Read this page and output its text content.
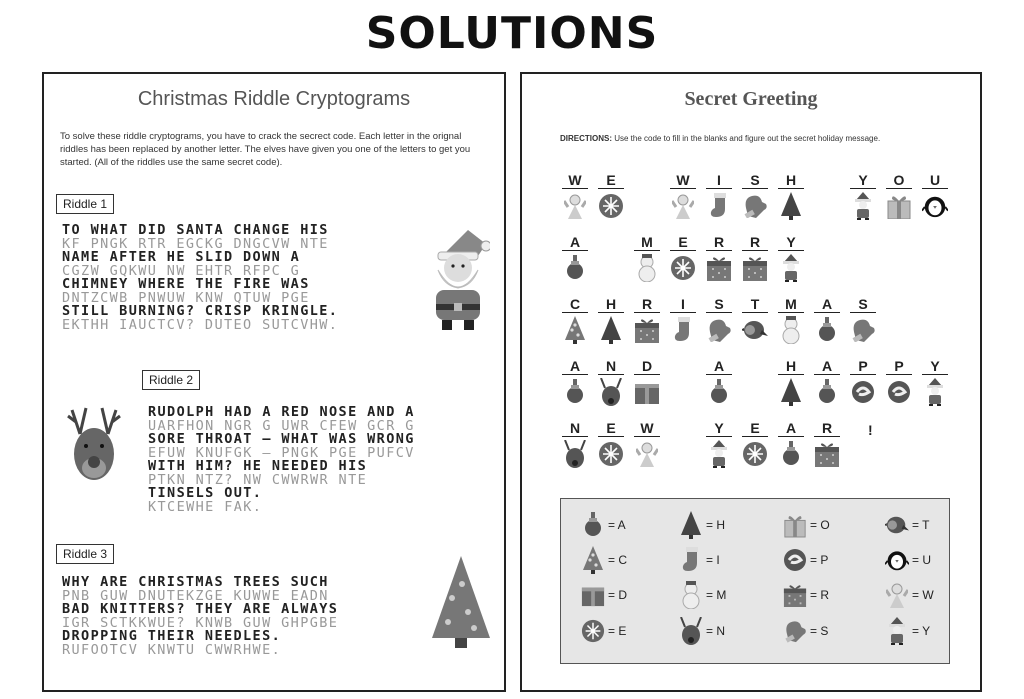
SOLUTIONS
Christmas Riddle Cryptograms
To solve these riddle cryptograms, you have to crack the secrect code. Each letter in the orignal riddles has been replaced by another letter. The elves have given you one of the letters to get you started. (All of the riddles use the same secret code).
Riddle 1
TO WHAT DID SANTA CHANGE HIS
KF PNGK RTR EGCKG DNGCVW NTE
NAME AFTER HE SLID DOWN A
CGZW GQKWU NW EHTR RFPC G
CHIMNEY WHERE THE FIRE WAS
DNTZCWB PNWUW KNW QTUW PGE
STILL BURNING? CRISP KRINGLE.
EKTHH IAUCTCV? DUTEO SUTCVHW.
Riddle 2
RUDOLPH HAD A RED NOSE AND A
UARFHON NGR G UWR CFEW GCR G
SORE THROAT – WHAT WAS WRONG
EFUW KNUFGK – PNGK PGE PUFCV
WITH HIM? HE NEEDED HIS
PTKN NTZ? NW CWWRWR NTE
TINSELS OUT.
KTCEWHE FAK.
Riddle 3
WHY ARE CHRISTMAS TREES SUCH
PNB GUW DNUTEKZGE KUWWE EADN
BAD KNITTERS? THEY ARE ALWAYS
IGR SCTKKWUE? KNWB GUW GHPGBE
DROPPING THEIR NEEDLES.
RUFOOTCV KNWTU CWWRHWE.
Secret Greeting
DIRECTIONS: Use the code to fill in the blanks and figure out the secret holiday message.
W	E	W	I	S	H	Y	O	U
A	M	E	R	R	Y
C	H	R	I	S	T	M	A	S
A	N	D	A	H	A	P	P	Y
N	E	W	Y	E	A	R	!
= A	= H	= O	= T
= C	= I	= P	= U
= D	= M	= R	= W
= E	= N	= S	= Y
